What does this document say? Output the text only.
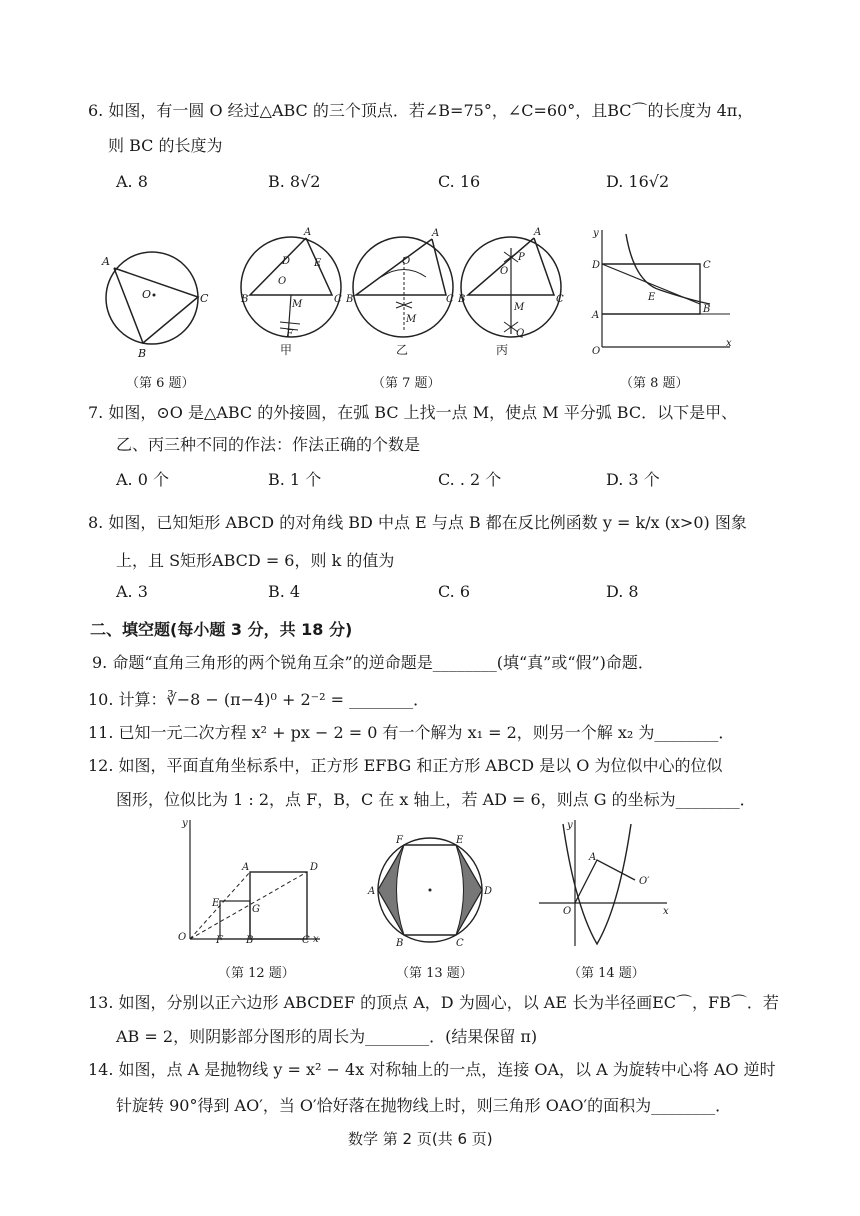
6. 如图，有一圆 O 经过△ABC 的三个顶点．若∠B=75°，∠C=60°，且BC⌒的长度为 4π，
则 BC 的长度为
A. 8	B. 8√2	C. 16	D. 16√2
A
B
C
O
A
B	C
D E
F
M
O
甲
A
B	C
M
O
乙
A
B	C
M
O
P
Q
丙
y
x
O
A
B
C
D
E
（第 6 题）	（第 7 题）	（第 8 题）
7. 如图，⊙O 是△ABC 的外接圆，在弧 BC 上找一点 M，使点 M 平分弧 BC．以下是甲、
乙、丙三种不同的作法：作法正确的个数是
A. 0 个	B. 1 个	C. . 2 个	D. 3 个
8. 如图，已知矩形 ABCD 的对角线 BD 中点 E 与点 B 都在反比例函数 y = k/x (x>0) 图象
上，且 S矩形ABCD = 6，则 k 的值为
A. 3	B. 4	C. 6	D. 8
二、填空题(每小题 3 分，共 18 分)
9. 命题“直角三角形的两个锐角互余”的逆命题是________(填“真”或“假”)命题．
10. 计算：∛−8 − (π−4)⁰ + 2⁻² = ________．
11. 已知一元二次方程 x² + px − 2 = 0 有一个解为 x₁ = 2，则另一个解 x₂ 为________．
12. 如图，平面直角坐标系中，正方形 EFBG 和正方形 ABCD 是以 O 为位似中心的位似
图形，位似比为 1 : 2，点 F，B，C 在 x 轴上，若 AD = 6，则点 G 的坐标为________．
y
x
O	F B	C
A	D
E
G
F	E
A	D
B	C
y
x
O
A
O′
（第 12 题）	（第 13 题）	（第 14 题）
13. 如图，分别以正六边形 ABCDEF 的顶点 A，D 为圆心，以 AE 长为半径画EC⌒，FB⌒．若
AB = 2，则阴影部分图形的周长为________．(结果保留 π)
14. 如图，点 A 是抛物线 y = x² − 4x 对称轴上的一点，连接 OA，以 A 为旋转中心将 AO 逆时
针旋转 90°得到 AO′，当 O′恰好落在抛物线上时，则三角形 OAO′的面积为________．
数学 第 2 页(共 6 页)
